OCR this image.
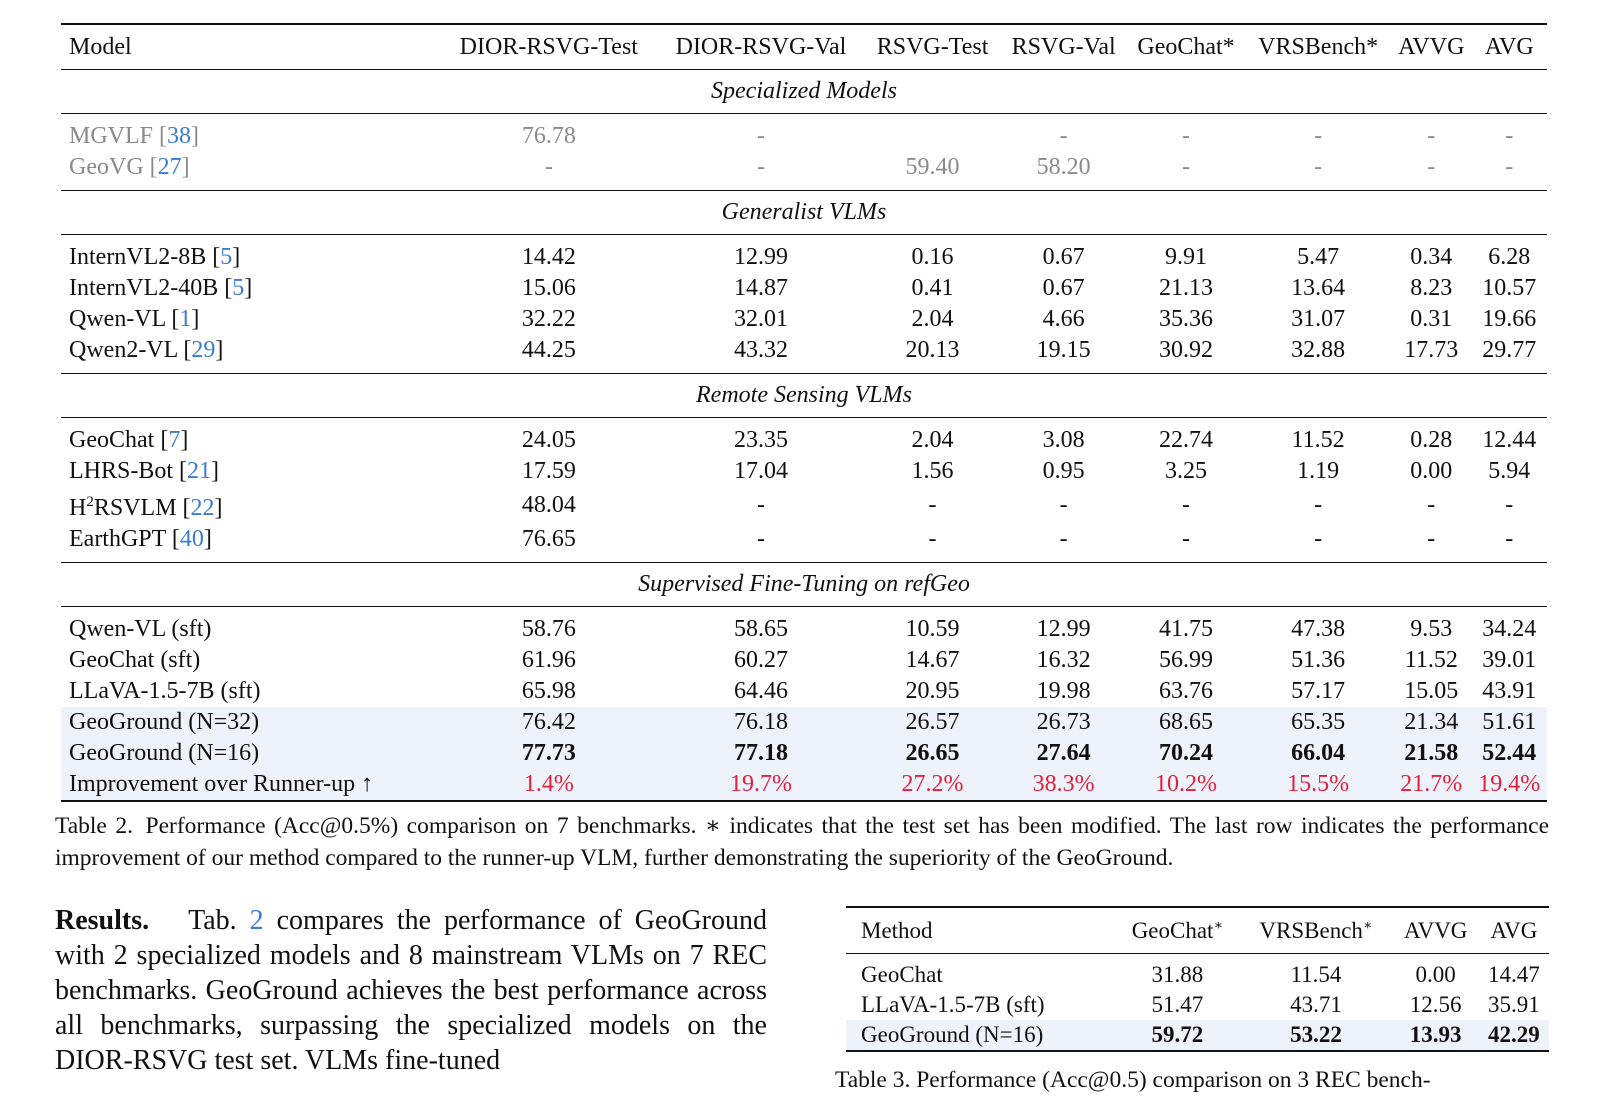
Model	DIOR-RSVG-Test	DIOR-RSVG-Val	RSVG-Test	RSVG-Val	GeoChat*	VRSBench*	AVVG	AVG
Specialized Models								
MGVLF [38]	76.78	-		-	-	-	-	-
GeoVG [27]	-	-	59.40	58.20	-	-	-	-
Generalist VLMs								
InternVL2-8B [5]	14.42	12.99	0.16	0.67	9.91	5.47	0.34	6.28
InternVL2-40B [5]	15.06	14.87	0.41	0.67	21.13	13.64	8.23	10.57
Qwen-VL [1]	32.22	32.01	2.04	4.66	35.36	31.07	0.31	19.66
Qwen2-VL [29]	44.25	43.32	20.13	19.15	30.92	32.88	17.73	29.77
Remote Sensing VLMs								
GeoChat [7]	24.05	23.35	2.04	3.08	22.74	11.52	0.28	12.44
LHRS-Bot [21]	17.59	17.04	1.56	0.95	3.25	1.19	0.00	5.94
$H^2RSVLM$ [22]	48.04	-	-	-	-	-	-	-
EarthGPT [40]	76.65	-	-	-	-	-	-	-
Supervised Fine-Tuning on refGeo								
Qwen-VL (sft)	58.76	58.65	10.59	12.99	41.75	47.38	9.53	34.24
GeoChat (sft)	61.96	60.27	14.67	16.32	56.99	51.36	11.52	39.01
LLaVA-1.5-7B (sft)	65.98	64.46	20.95	19.98	63.76	57.17	15.05	43.91
GeoGround (N=32)	76.42	76.18	26.57	26.73	68.65	65.35	21.34	51.61
GeoGround (N=16)	77.73	77.18	26.65	27.64	70.24	66.04	21.58	52.44
Improvement over Runner-up ↑	1.4%	19.7%	27.2%	38.3%	10.2%	15.5%	21.7%	19.4%
Table 2. Performance (Acc@0.5%) comparison on 7 benchmarks. ∗ indicates that the test set has been modified. The last row indicates the performance improvement of our method compared to the runner-up VLM, further demonstrating the superiority of the GeoGround.
Results. Tab. 2 compares the performance of GeoGround with 2 specialized models and 8 mainstream VLMs on 7 REC benchmarks. GeoGround achieves the best performance across all benchmarks, surpassing the specialized models on the DIOR-RSVG test set. VLMs fine-tuned
Method	GeoChat∗	VRSBench∗	AVVG	AVG
GeoChat	31.88	11.54	0.00	14.47
LLaVA-1.5-7B (sft)	51.47	43.71	12.56	35.91
GeoGround (N=16)	59.72	53.22	13.93	42.29
Table 3. Performance (Acc@0.5) comparison on 3 REC bench-
